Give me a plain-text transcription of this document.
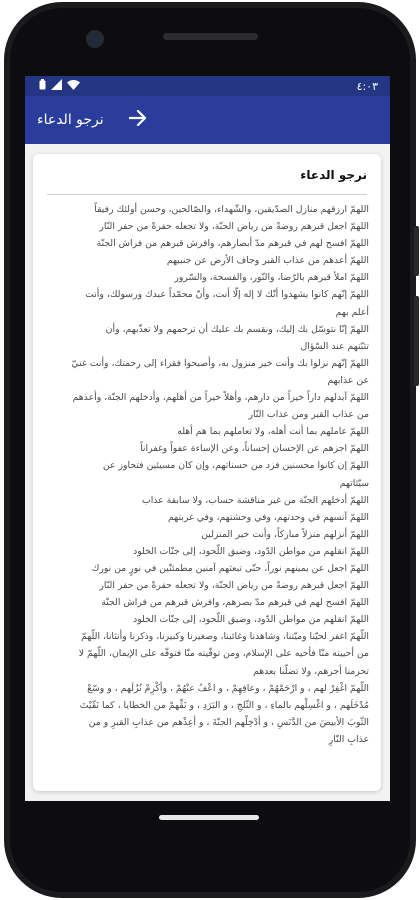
٤:٠٣
نرجو الدعاء
نرجو الدعاء
اللهمّ ارزقهم منازل الصدّيقين، والشّهداء، والصّالحين، وحسن أولئك رفيقاً
اللهمّ اجعل قبرهم روضةً من رياض الجنّة، ولا تجعله حفرةً من حفر النّار
اللهمّ افسح لهم في قبرهم مدّ أبصارهم، وافرش قبرهم من فراش الجنّة
اللهمّ أعذهم من عذاب القبر وجاف الأرض عن جنبيهم
اللهمّ املأ قبرهم بالرّضا، والنّور، والفسحة، والسّرور
اللهمّ إنّهم كانوا يشهدوا أنّك لا إله إلّا أنت، وأنّ محمّداً عبدك ورسولك، وأنت
أعلم بهم
اللهمّ إنّا نتوسّل بك إليك، ونقسم بك عليك أن ترحمهم ولا تعذّبهم، وأن
تثبّتهم عند السّؤال
اللهمّ إنّهم نزلوا بك وأنت خير منزول به، وأصبحوا فقراء إلى رحمتك، وأنت غنيّ
عن عذابهم
اللهمّ آبدلهم داراً خيراً من دارهم، وأهلاً خيراً من أهلهم، وأدخلهم الجنّة، وأعذهم
من عذاب القبر ومن عذاب النّار
اللهمّ عاملهم بما أنت أهله، ولا تعاملهم بما هم أهله
اللهمّ اجزهم عن الإحسان إحساناً، وعن الإساءة عفواً وغفراناً
اللهمّ إن كانوا محسنين فزد من حسناتهم، وإن كان مسيئين فتجاوز عن
سيّئاتهم
اللهمّ أدخلهم الجنّة من غير مناقشة حساب، ولا سابقة عذاب
اللهمّ آنسهم في وحدتهم، وفي وحشتهم، وفي غربتهم
اللهمّ أنزلهم منزلاً مباركاً، وأنت خير المنزلين
اللهمّ انقلهم من مواطن الدّود، وضيق اللّحود، إلى جنّات الخلود
اللهمّ اجعل عن يمينهم نوراً، حتّى تبعثهم آمنين مطمئنّين في نورٍ من نورك
اللهمّ اجعل قبرهم روضةً من رياض الجنّة، ولا تجعله حفرةً من حفر النّار
اللهمّ افسح لهم في قبرهم مدّ بصرهم، وافرش قبرهم من فراش الجنّة
اللهمّ انقلهم من مواطن الدّود، وضيق اللّحود، إلى جنّات الخلود
اللّهمّ اغفر لحيّنا وميّتنا، وشاهدنا وغائبنا، وصغيرنا وكبيرنا، وذكرنا وأنثانا، اللّهمّ
من أحييته منّا فأحيه على الإسلام، ومن توفّيته منّا فتوفّه على الإيمان، اللّهمّ لا
تحرمنا أجرهم، ولا تضلّنا بعدهم
اللّهمّ اغْفِرْ لهم ، و ارْحَمْهُمْ ، وعافِهِمْ ، و اعْفُ عنْهُمْ ، وأكْرِمْ نُزُلَهم ، و وسّعْ
مُدْخَلَهم ، و اغْسِلْهم بالماءِ ، و الثّلجِ ، و البَرَدِ ، و نَقِّهمْ من الخطايا ، كما نَقّيْتَ
الثّوبَ الأبيضَ من الدَّنَسِ ، و أدْخِلْهم الجنّةَ ، و أعِذْهم من عذابِ القبرِ و من
عذابِ النّارِ
